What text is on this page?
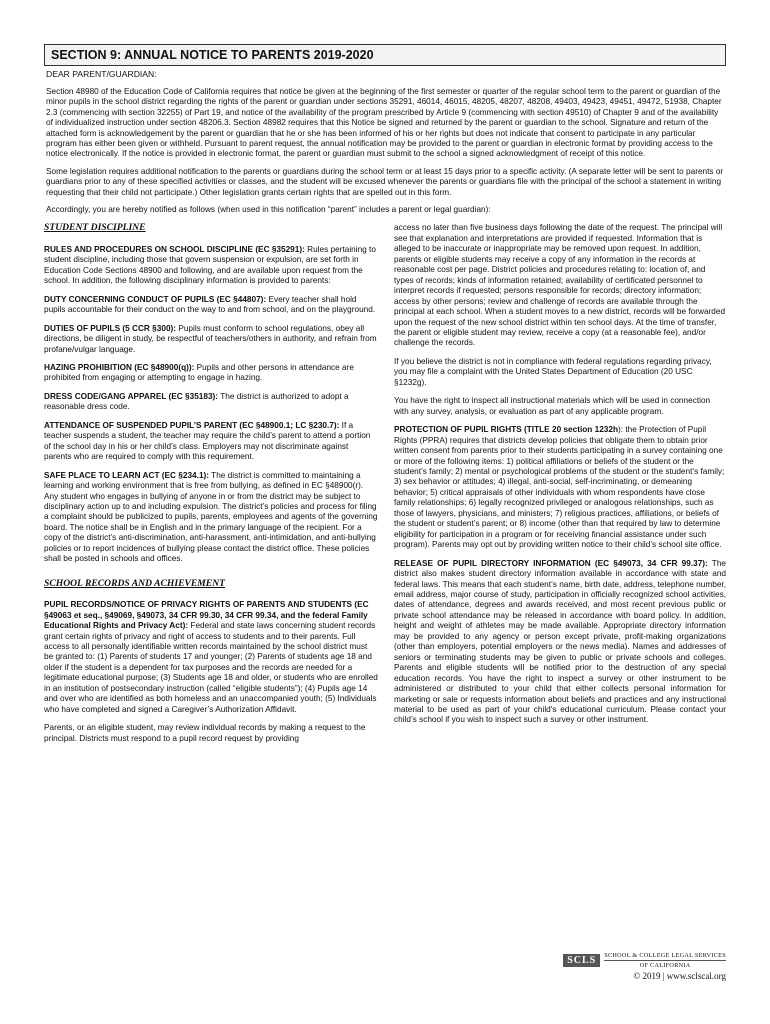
SECTION 9: ANNUAL NOTICE TO PARENTS 2019-2020
DEAR PARENT/GUARDIAN:

Section 48980 of the Education Code of California requires that notice be given at the beginning of the first semester or quarter of the regular school term to the parent or guardian of the minor pupils in the school district regarding the rights of the parent or guardian under sections 35291, 46014, 46015, 48205, 48207, 48208, 49403, 49423, 49451, 49472, 51938, Chapter 2.3 (commencing with section 32255) of Part 19, and notice of the availability of the program prescribed by Article 9 (commencing with section 49510) of Chapter 9 and of the availability of individualized instruction under section 48206.3. Section 48982 requires that this Notice be signed and returned by the parent or guardian to the school. Signature and return of the attached form is acknowledgement by the parent or guardian that he or she has been informed of his or her rights but does not indicate that consent to participate in any particular program has either been given or withheld. Pursuant to parent request, the annual notification may be provided to the parent or guardian in electronic format by providing access to the notice electronically. If the notice is provided in electronic format, the parent or guardian must submit to the school a signed acknowledgment of receipt of this notice.

Some legislation requires additional notification to the parents or guardians during the school term or at least 15 days prior to a specific activity. (A separate letter will be sent to parents or guardians prior to any of these specified activities or classes, and the student will be excused whenever the parents or guardians file with the principal of the school a statement in writing requesting that their child not participate.) Other legislation grants certain rights that are spelled out in this form.

Accordingly, you are hereby notified as follows (when used in this notification “parent” includes a parent or legal guardian):

STUDENT DISCIPLINE

RULES AND PROCEDURES ON SCHOOL DISCIPLINE (EC §35291): Rules pertaining to student discipline, including those that govern suspension or expulsion, are set forth in Education Code Sections 48900 and following, and are available upon request from the school. In addition, the following disciplinary information is provided to parents:

DUTY CONCERNING CONDUCT OF PUPILS (EC §44807): Every teacher shall hold pupils accountable for their conduct on the way to and from school, and on the playground.

DUTIES OF PUPILS (5 CCR §300): Pupils must conform to school regulations, obey all directions, be diligent in study, be respectful of teachers/others in authority, and refrain from profane/vulgar language.

HAZING PROHIBITION (EC §48900(q)): Pupils and other persons in attendance are prohibited from engaging or attempting to engage in hazing.

DRESS CODE/GANG APPAREL (EC §35183): The district is authorized to adopt a reasonable dress code.

ATTENDANCE OF SUSPENDED PUPIL’S PARENT (EC §48900.1; LC §230.7): If a teacher suspends a student, the teacher may require the child’s parent to attend a portion of the school day in his or her child’s class. Employers may not discriminate against parents who are required to comply with this requirement.

SAFE PLACE TO LEARN ACT (EC §234.1): The district is committed to maintaining a learning and working environment that is free from bullying, as defined in EC §48900(r). Any student who engages in bullying of anyone in or from the district may be subject to disciplinary action up to and including expulsion. The district’s policies and process for filing a complaint should be publicized to pupils, parents, employees and agents of the governing board. The notice shall be in English and in the primary language of the recipient. For a copy of the district’s anti-discrimination, anti-harassment, anti-intimidation, and anti-bullying policies or to report incidences of bullying please contact the district office. These policies shall be posted in schools and offices.

SCHOOL RECORDS AND ACHIEVEMENT

PUPIL RECORDS/NOTICE OF PRIVACY RIGHTS OF PARENTS AND STUDENTS (EC §49063 et seq., §49069, §49073, 34 CFR 99.30, 34 CFR 99.34, and the federal Family Educational Rights and Privacy Act): Federal and state laws concerning student records grant certain rights of privacy and right of access to students and to their parents. Full access to all personally identifiable written records maintained by the school district must be granted to: (1) Parents of students 17 and younger; (2) Parents of students age 18 and older if the student is a dependent for tax purposes and the records are needed for a legitimate educational purpose; (3) Students age 18 and older, or students who are enrolled in an institution of postsecondary instruction (called “eligible students”); (4) Pupils age 14 and over who are identified as both homeless and an unaccompanied youth; (5) Individuals who have completed and signed a Caregiver’s Authorization Affidavit.

Parents, or an eligible student, may review individual records by making a request to the principal. Districts must respond to a pupil record request by providing

access no later than five business days following the date of the request. The principal will see that explanation and interpretations are provided if requested. Information that is alleged to be inaccurate or inappropriate may be removed upon request. In addition, parents or eligible students may receive a copy of any information in the records at reasonable cost per page. District policies and procedures relating to: location of, and types of records; kinds of information retained; availability of certificated personnel to interpret records if requested; persons responsible for records; directory information; access by other persons; review and challenge of records are available through the principal at each school. When a student moves to a new district, records will be forwarded upon the request of the new school district within ten school days. At the time of transfer, the parent or eligible student may review, receive a copy (at a reasonable fee), and/or challenge the records.

If you believe the district is not in compliance with federal regulations regarding privacy, you may file a complaint with the United States Department of Education (20 USC §1232g).

You have the right to inspect all instructional materials which will be used in connection with any survey, analysis, or evaluation as part of any applicable program.

PROTECTION OF PUPIL RIGHTS (TITLE 20 section 1232h): the Protection of Pupil Rights (PPRA) requires that districts develop policies that obligate them to obtain prior written consent from parents prior to their students participating in a survey containing one or more of the following items: 1) political affiliations or beliefs of the student or the student’s family; 2) mental or psychological problems of the student or the student’s family; 3) sex behavior or attitudes; 4) illegal, anti-social, self-incriminating, or demeaning behavior; 5) critical appraisals of other individuals with whom respondents have close family relationships; 6) legally recognized privileged or analogous relationships, such as those of lawyers, physicians, and ministers; 7) religious practices, affiliations, or beliefs of the student or student’s parent; or 8) income (other than that required by law to determine eligibility for participation in a program or for receiving financial assistance under such program). Parents may opt out by providing written notice to their child’s school site office.

RELEASE OF PUPIL DIRECTORY INFORMATION (EC §49073, 34 CFR 99.37): The district also makes student directory information available in accordance with state and federal laws. This means that each student’s name, birth date, address, telephone number, email address, major course of study, participation in officially recognized school activities, dates of attendance, degrees and awards received, and most recent previous public or private school attendance may be released in accordance with board policy. In addition, height and weight of athletes may be made available. Appropriate directory information may be provided to any agency or person except private, profit-making organizations (other than employers, potential employers or the news media). Names and addresses of seniors or terminating students may be given to public or private schools and colleges. Parents and eligible students will be notified prior to the destruction of any special education records. You have the right to inspect a survey or other instrument to be administered or distributed to your child that either collects personal information for marketing or sale or requests information about beliefs and practices and any instructional material to be used as part of your child's educational curriculum. Please contact your child’s school if you wish to inspect such a survey or other instrument.

SCLS	SCHOOL & COLLEGE LEGAL SERVICES
OF CALIFORNIA
© 2019 | www.sclscal.org
